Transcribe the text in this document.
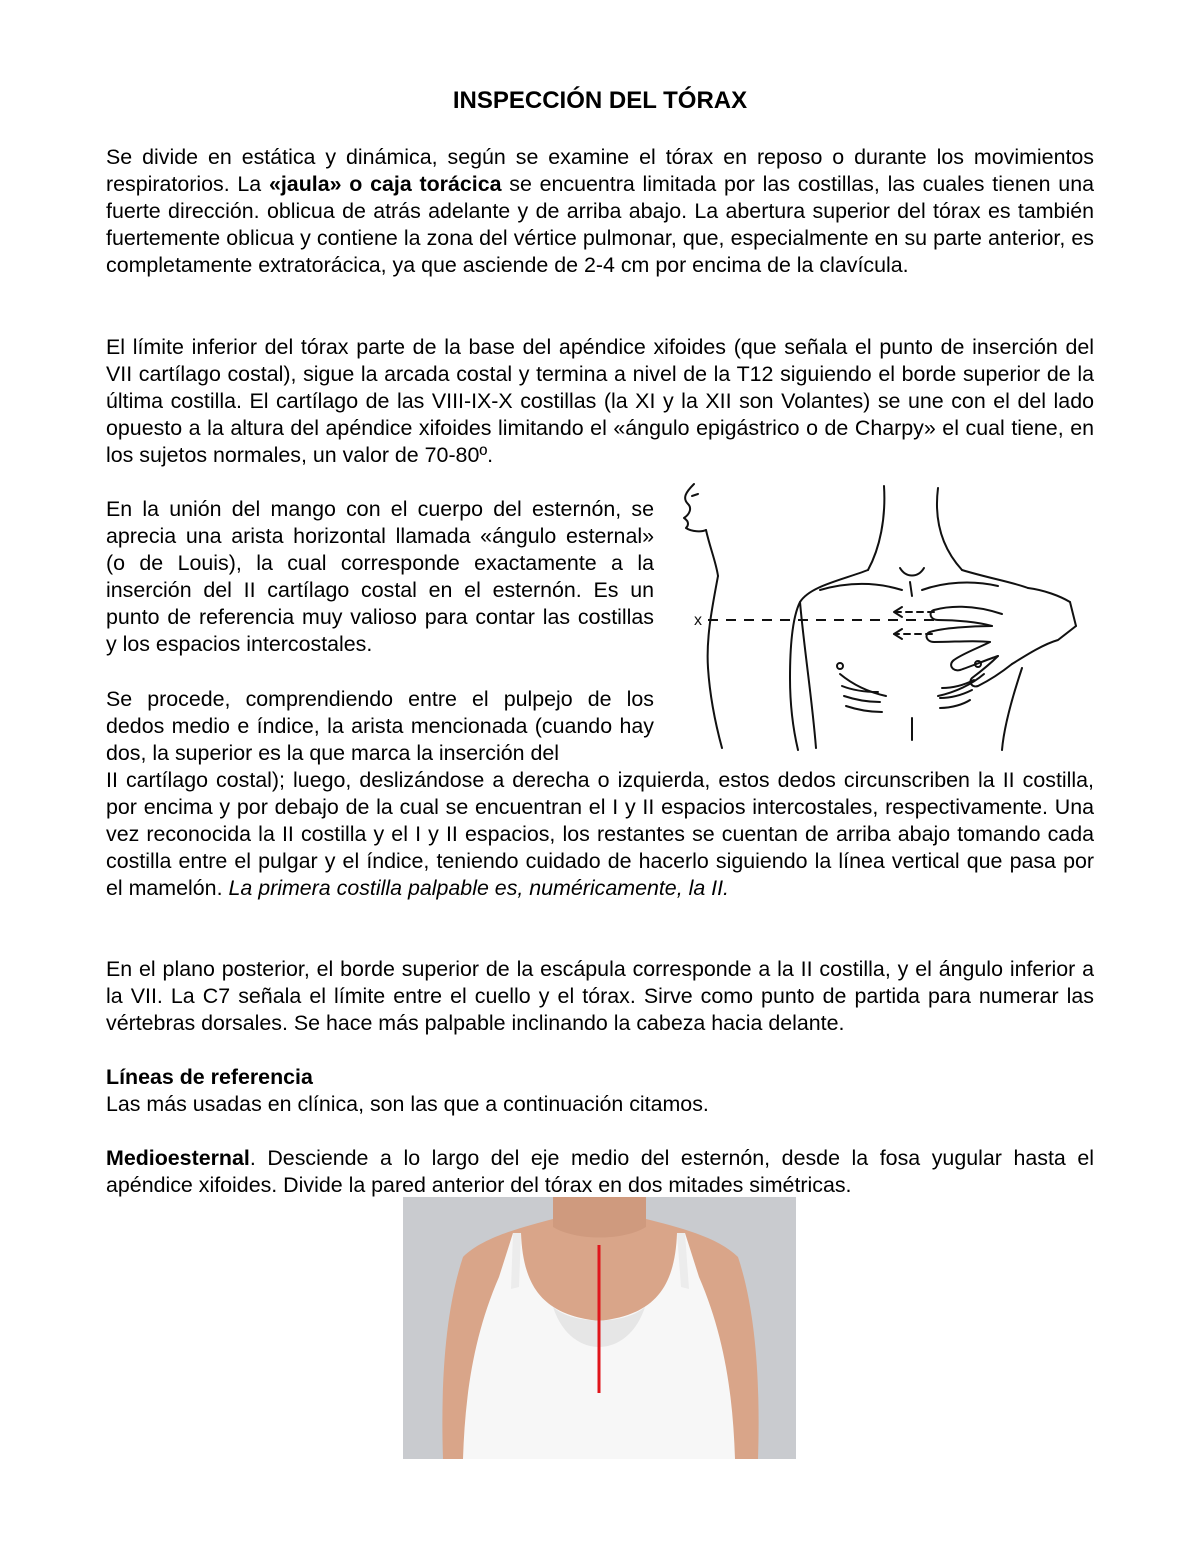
INSPECCIÓN DEL TÓRAX

Se divide en estática y dinámica, según se examine el tórax en reposo o durante los movimientos respiratorios. La «jaula» o caja torácica se encuentra limitada por las costillas, las cuales tienen una fuerte dirección. oblicua de atrás adelante y de arriba abajo. La abertura superior del tórax es también fuertemente oblicua y contiene la zona del vértice pulmonar, que, especialmente en su parte anterior, es completamente extratorácica, ya que asciende de 2-4 cm por encima de la clavícula.

El límite inferior del tórax parte de la base del apéndice xifoides (que señala el punto de inserción del VII cartílago costal), sigue la arcada costal y termina a nivel de la T12 siguiendo el borde superior de la última costilla. El cartílago de las VIII-IX-X costillas (la XI y la XII son Volantes) se une con el del lado opuesto a la altura del apéndice xifoides limitando el «ángulo epigástrico o de Charpy» el cual tiene, en los sujetos normales, un valor de 70-80º.

En la unión del mango con el cuerpo del esternón, se aprecia una arista horizontal llamada «ángulo esternal» (o de Louis), la cual corresponde exactamente a la inserción del II cartílago costal en el esternón. Es un punto de referencia muy valioso para contar las costillas y los espacios intercostales.

Se procede, comprendiendo entre el pulpejo de los dedos medio e índice, la arista mencionada (cuando hay dos, la superior es la que marca la inserción del

II cartílago costal); luego, deslizándose a derecha o izquierda, estos dedos circunscriben la II costilla, por encima y por debajo de la cual se encuentran el I y II espacios intercostales, respectivamente. Una vez reconocida la II costilla y el I y II espacios, los restantes se cuentan de arriba abajo tomando cada costilla entre el pulgar y el índice, teniendo cuidado de hacerlo siguiendo la línea vertical que pasa por el mamelón. La primera costilla palpable es, numéricamente, la II.

En el plano posterior, el borde superior de la escápula corresponde a la II costilla, y el ángulo inferior a la VII. La C7 señala el límite entre el cuello y el tórax. Sirve como punto de partida para numerar las vértebras dorsales. Se hace más palpable inclinando la cabeza hacia delante.

Líneas de referencia
Las más usadas en clínica, son las que a continuación citamos.

Medioesternal. Desciende a lo largo del eje medio del esternón, desde la fosa yugular hasta el apéndice xifoides. Divide la pared anterior del tórax en dos mitades simétricas.

x
